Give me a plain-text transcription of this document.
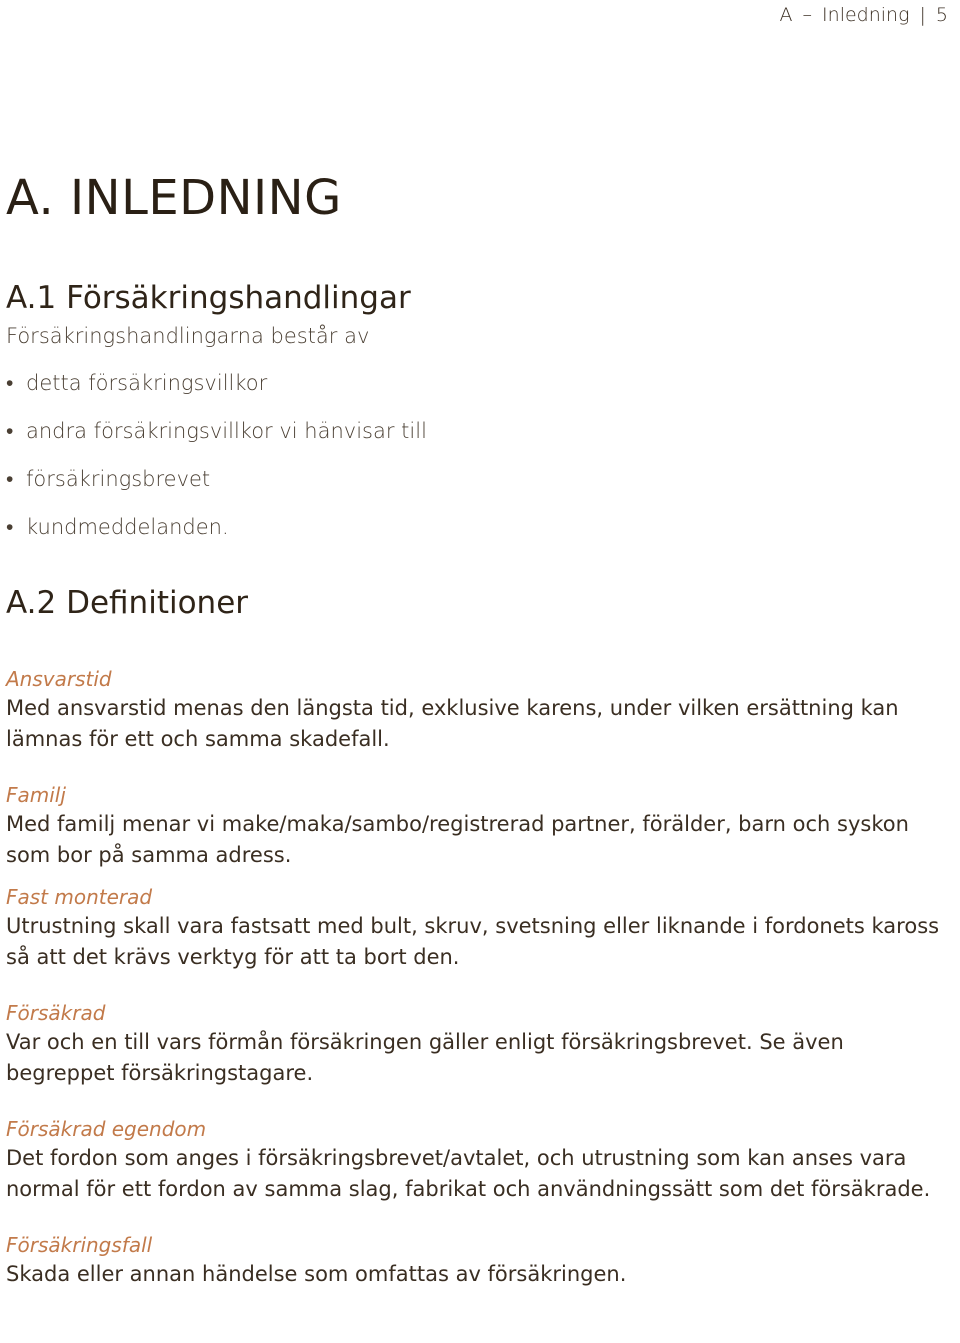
A – Inledning | 5
A. INLEDNING
A.1 Försäkringshandlingar

Försäkringshandlingarna består av

• detta försäkringsvillkor
• andra försäkringsvillkor vi hänvisar till
• försäkringsbrevet
• kundmeddelanden.
A.2 Definitioner

Ansvarstid

Med ansvarstid menas den längsta tid, exklusive karens, under vilken ersättning kan lämnas för ett och samma skadefall.

Familj

Med familj menar vi make/maka/sambo/registrerad partner, förälder, barn och syskon som bor på samma adress.

Fast monterad

Utrustning skall vara fastsatt med bult, skruv, svetsning eller liknande i fordonets kaross så att det krävs verktyg för att ta bort den.

Försäkrad

Var och en till vars förmån försäkringen gäller enligt försäkringsbrevet. Se även begreppet försäkringstagare.

Försäkrad egendom

Det fordon som anges i försäkringsbrevet/avtalet, och utrustning som kan anses vara normal för ett fordon av samma slag, fabrikat och användningssätt som det försäkrade.

Försäkringsfall

Skada eller annan händelse som omfattas av försäkringen.
